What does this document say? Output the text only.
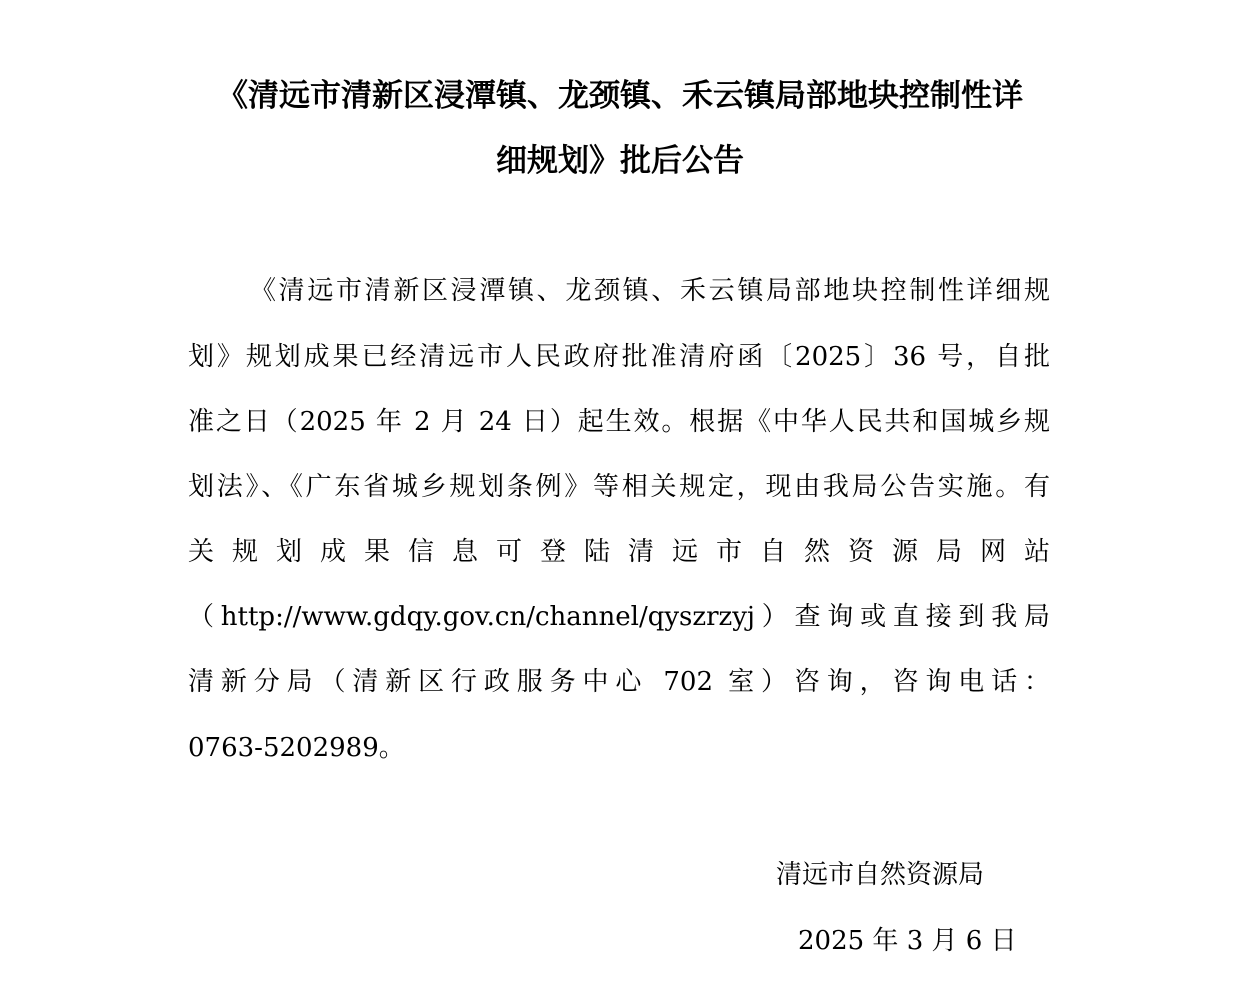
《清远市清新区浸潭镇、龙颈镇、禾云镇局部地块控制性详
细规划》批后公告

《清远市清新区浸潭镇、龙颈镇、禾云镇局部地块控制性详细规

划》规划成果已经清远市人民政府批准清府函〔2025〕36 号，自批

准之日（2025 年 2 月 24 日）起生效。根据《中华人民共和国城乡规

划法》、《广东省城乡规划条例》等相关规定，现由我局公告实施。有

关规划成果信息可登陆清远市自然资源局网站

（http://www.gdqy.gov.cn/channel/qyszrzyj）查询或直接到我局

清新分局（清新区行政服务中心 702 室）咨询，咨询电话：

0763-5202989。

清远市自然资源局

2025 年 3 月 6 日
